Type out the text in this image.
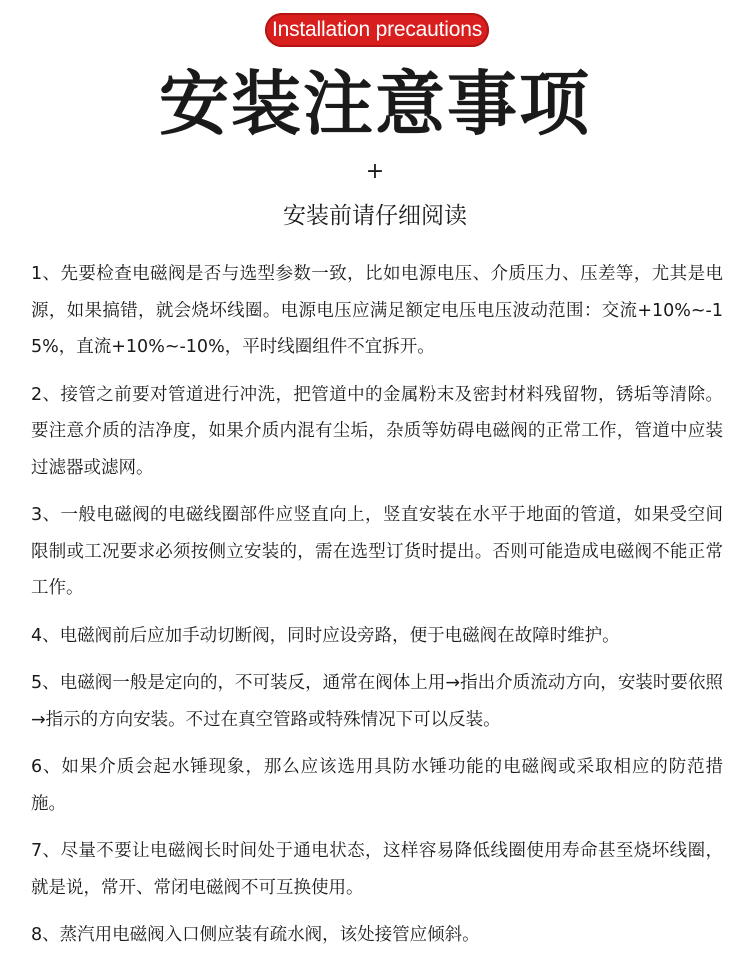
Installation precautions
安装注意事项
+
安装前请仔细阅读
1、先要检查电磁阀是否与选型参数一致，比如电源电压、介质压力、压差等，尤其是电源，如果搞错，就会烧坏线圈。电源电压应满足额定电压电压波动范围：交流+10%~-15%，直流+10%~-10%，平时线圈组件不宜拆开。
2、接管之前要对管道进行冲洗，把管道中的金属粉末及密封材料残留物，锈垢等清除。要注意介质的洁净度，如果介质内混有尘垢，杂质等妨碍电磁阀的正常工作，管道中应装过滤器或滤网。
3、一般电磁阀的电磁线圈部件应竖直向上，竖直安装在水平于地面的管道，如果受空间限制或工况要求必须按侧立安装的，需在选型订货时提出。否则可能造成电磁阀不能正常工作。
4、电磁阀前后应加手动切断阀，同时应设旁路，便于电磁阀在故障时维护。
5、电磁阀一般是定向的，不可装反，通常在阀体上用→指出介质流动方向，安装时要依照→指示的方向安装。不过在真空管路或特殊情况下可以反装。
6、如果介质会起水锤现象，那么应该选用具防水锤功能的电磁阀或采取相应的防范措施。
7、尽量不要让电磁阀长时间处于通电状态，这样容易降低线圈使用寿命甚至烧坏线圈，就是说，常开、常闭电磁阀不可互换使用。
8、蒸汽用电磁阀入口侧应装有疏水阀，该处接管应倾斜。
